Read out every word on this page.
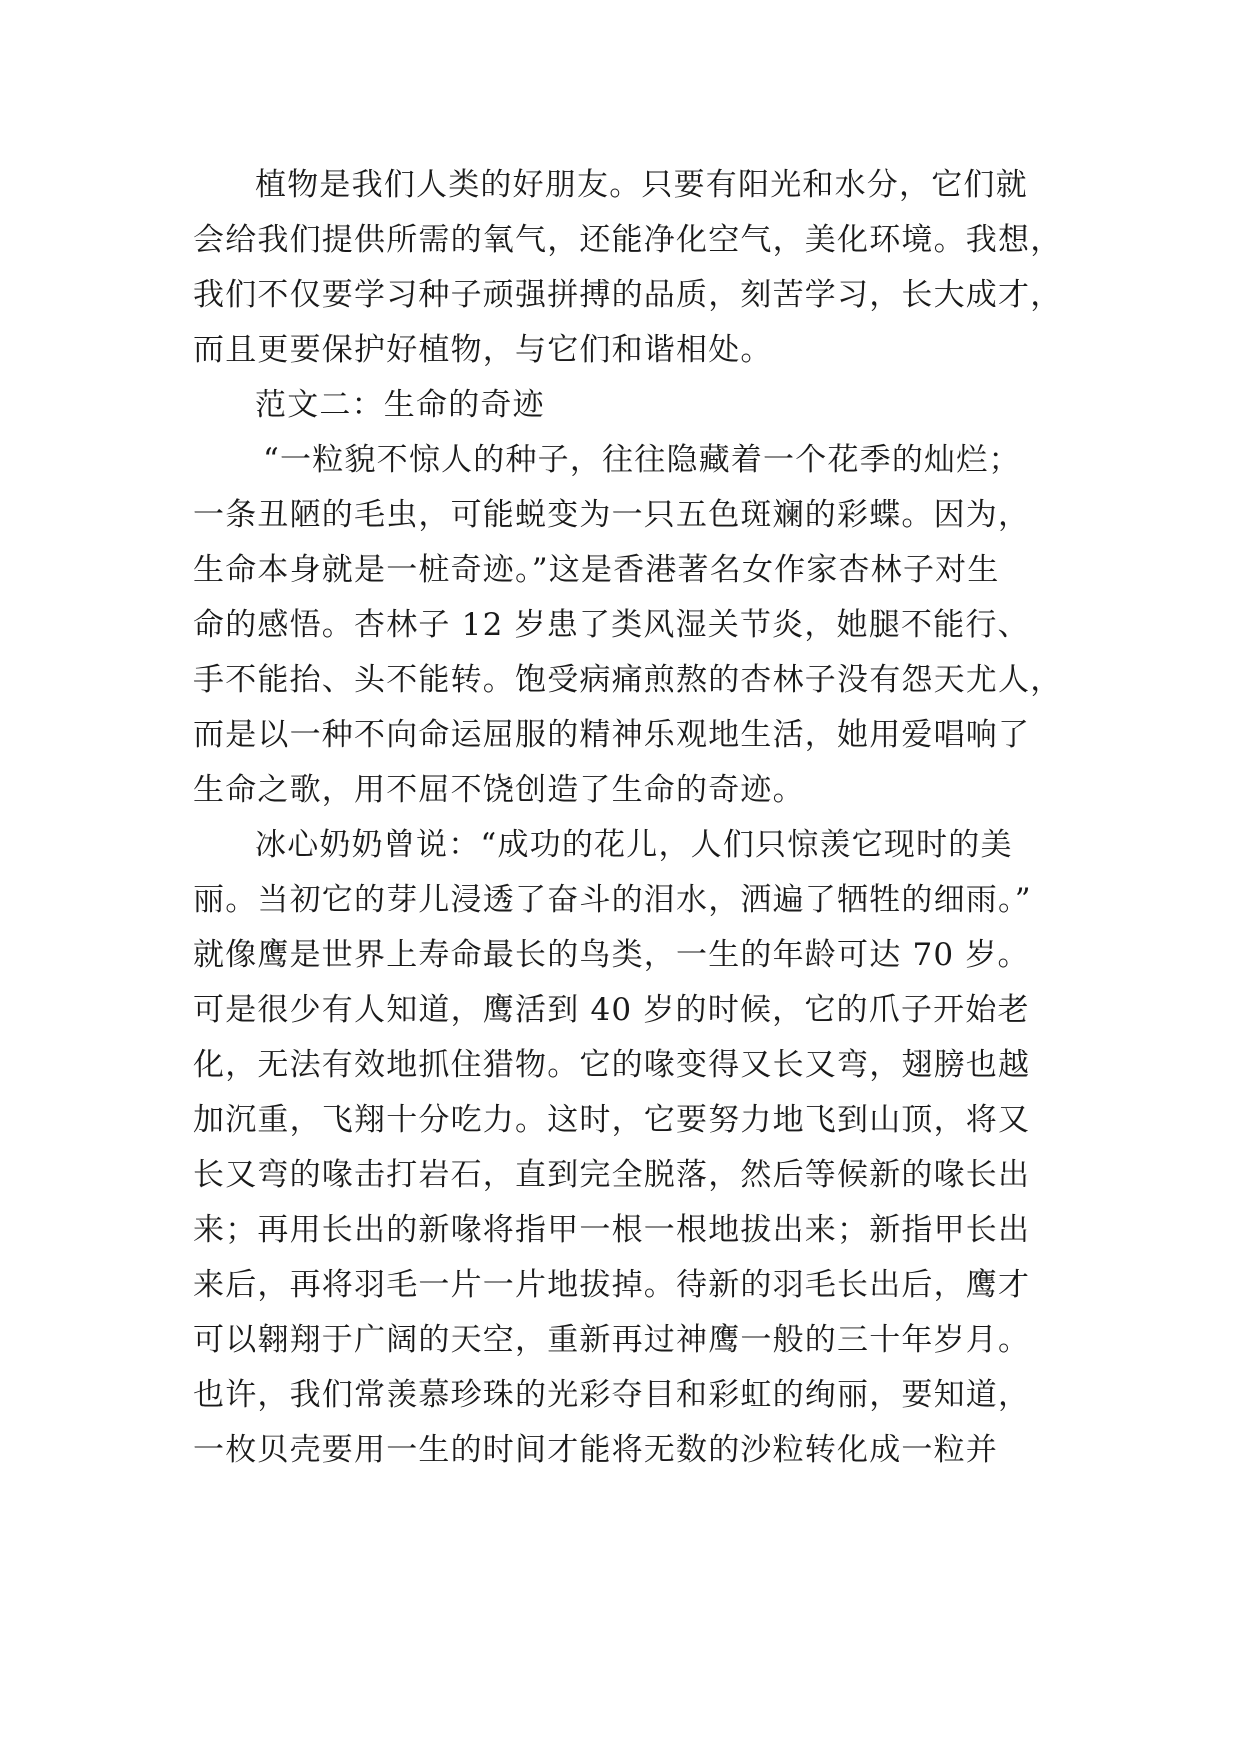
植物是我们人类的好朋友。只要有阳光和水分，它们就
会给我们提供所需的氧气，还能净化空气，美化环境。我想，
我们不仅要学习种子顽强拼搏的品质，刻苦学习，长大成才，
而且更要保护好植物，与它们和谐相处。
范文二：生命的奇迹
“一粒貌不惊人的种子，往往隐藏着一个花季的灿烂；
一条丑陋的毛虫，可能蜕变为一只五色斑斓的彩蝶。因为，
生命本身就是一桩奇迹。”这是香港著名女作家杏林子对生
命的感悟。杏林子 12 岁患了类风湿关节炎，她腿不能行、
手不能抬、头不能转。饱受病痛煎熬的杏林子没有怨天尤人，
而是以一种不向命运屈服的精神乐观地生活，她用爱唱响了
生命之歌，用不屈不饶创造了生命的奇迹。
冰心奶奶曾说：“成功的花儿，人们只惊羡它现时的美
丽。当初它的芽儿浸透了奋斗的泪水，洒遍了牺牲的细雨。”
就像鹰是世界上寿命最长的鸟类，一生的年龄可达 70 岁。
可是很少有人知道，鹰活到 40 岁的时候，它的爪子开始老
化，无法有效地抓住猎物。它的喙变得又长又弯，翅膀也越
加沉重，飞翔十分吃力。这时，它要努力地飞到山顶，将又
长又弯的喙击打岩石，直到完全脱落，然后等候新的喙长出
来；再用长出的新喙将指甲一根一根地拔出来；新指甲长出
来后，再将羽毛一片一片地拔掉。待新的羽毛长出后，鹰才
可以翱翔于广阔的天空，重新再过神鹰一般的三十年岁月。
也许，我们常羡慕珍珠的光彩夺目和彩虹的绚丽，要知道，
一枚贝壳要用一生的时间才能将无数的沙粒转化成一粒并
